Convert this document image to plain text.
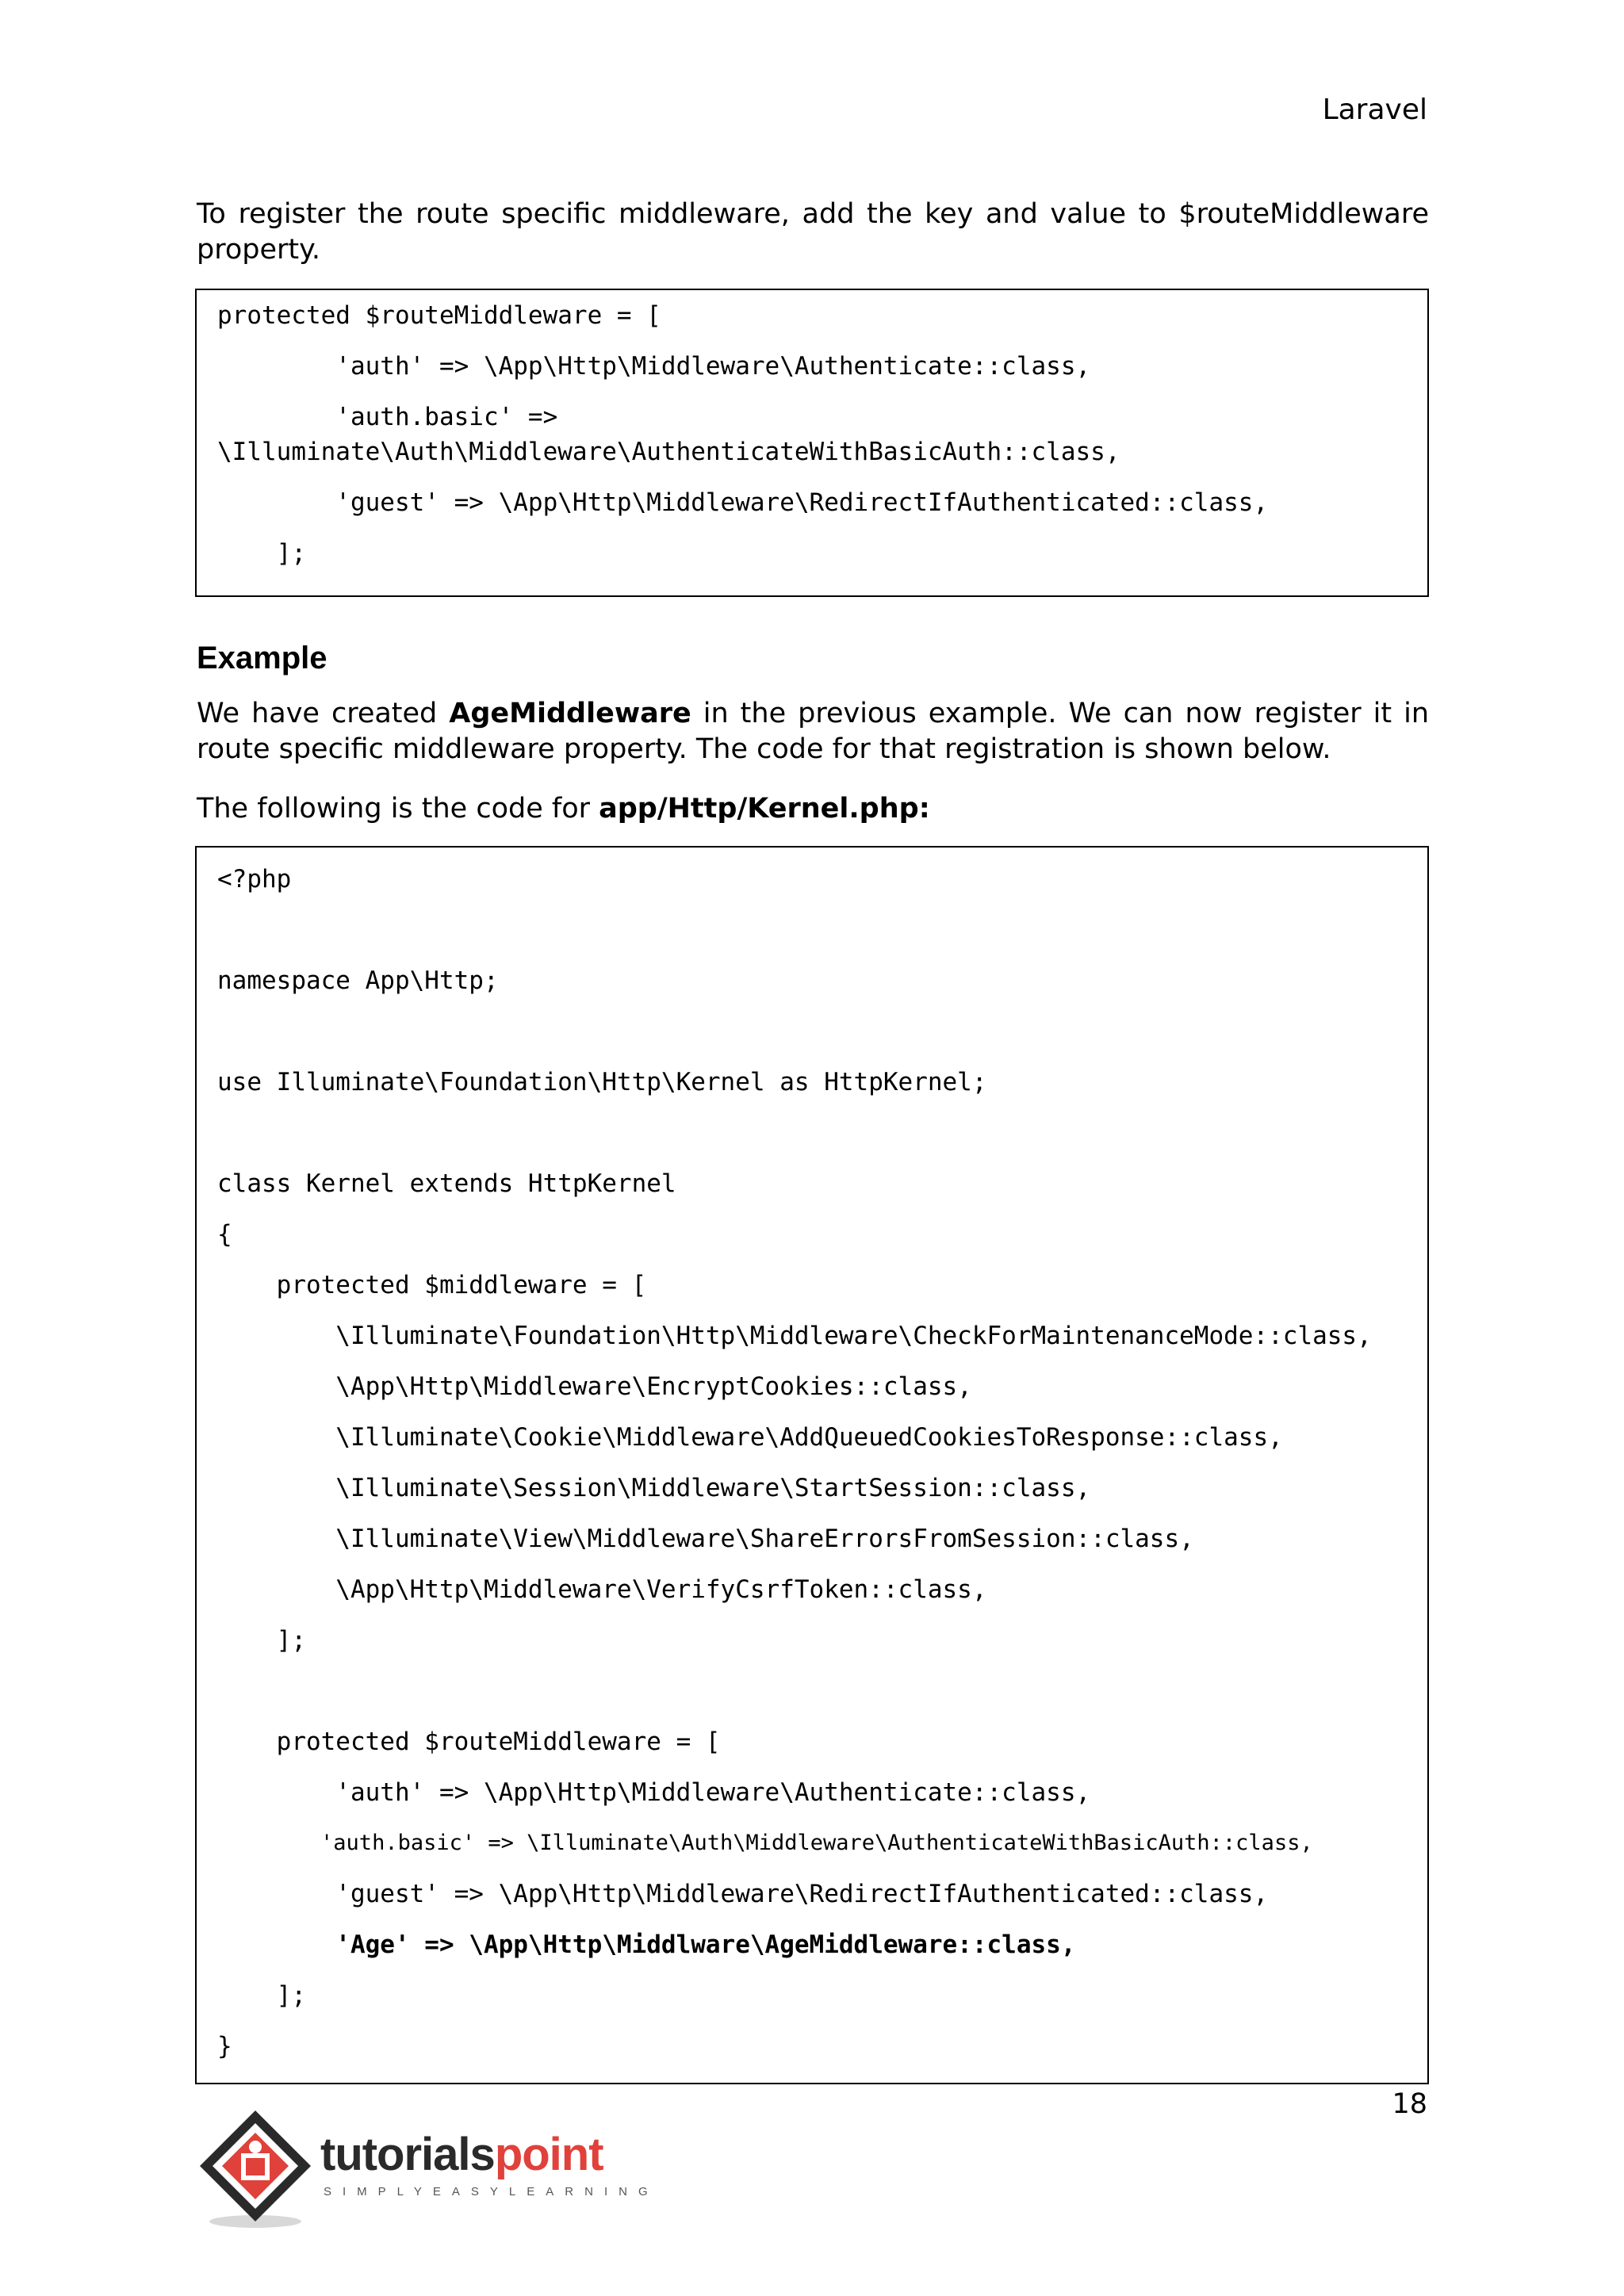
Laravel

To register the route specific middleware, add the key and value to $routeMiddleware property.

protected $routeMiddleware = [

'auth' => \App\Http\Middleware\Authenticate::class,

'auth.basic' =>

\Illuminate\Auth\Middleware\AuthenticateWithBasicAuth::class,

'guest' => \App\Http\Middleware\RedirectIfAuthenticated::class,

];

Example

We have created AgeMiddleware in the previous example. We can now register it in route specific middleware property. The code for that registration is shown below.

The following is the code for app/Http/Kernel.php:

<?php

namespace App\Http;

use Illuminate\Foundation\Http\Kernel as HttpKernel;

class Kernel extends HttpKernel

{

protected $middleware = [

\Illuminate\Foundation\Http\Middleware\CheckForMaintenanceMode::class,

\App\Http\Middleware\EncryptCookies::class,

\Illuminate\Cookie\Middleware\AddQueuedCookiesToResponse::class,

\Illuminate\Session\Middleware\StartSession::class,

\Illuminate\View\Middleware\ShareErrorsFromSession::class,

\App\Http\Middleware\VerifyCsrfToken::class,

];

protected $routeMiddleware = [

'auth' => \App\Http\Middleware\Authenticate::class,

'auth.basic' => \Illuminate\Auth\Middleware\AuthenticateWithBasicAuth::class,

'guest' => \App\Http\Middleware\RedirectIfAuthenticated::class,

'Age' => \App\Http\Middlware\AgeMiddleware::class,

];

}

18
tutorialspoint
SIMPLYEASYLEARNING
